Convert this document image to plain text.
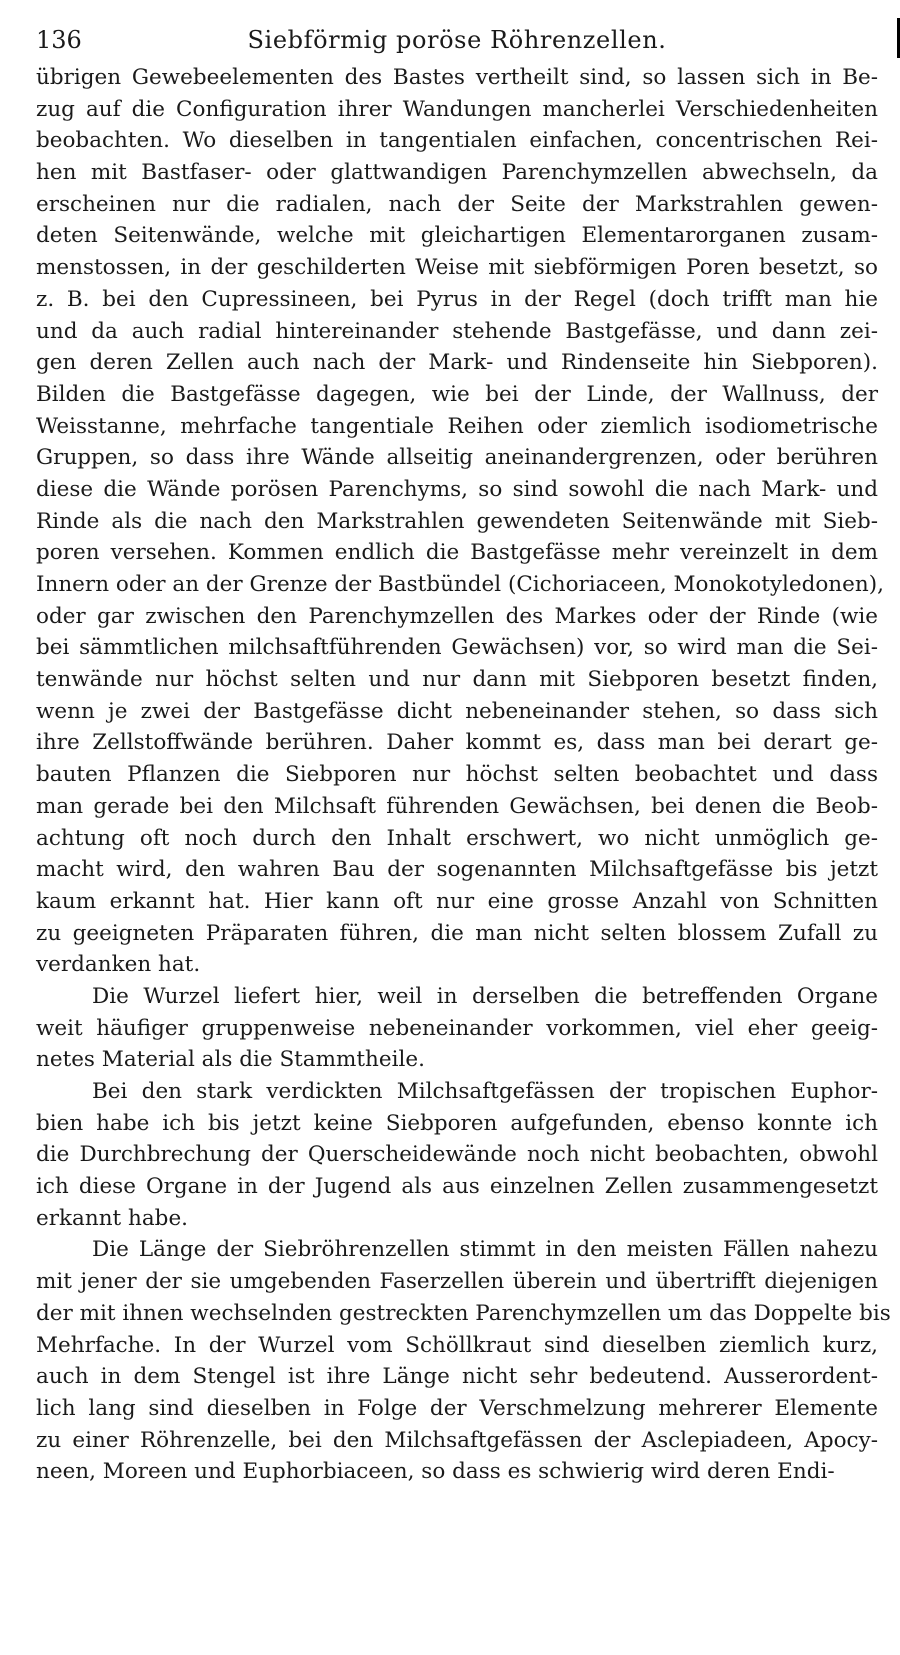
136	Siebförmig poröse Röhrenzellen.
übrigen Gewebeelementen des Bastes vertheilt sind, so lassen sich in Be-
zug auf die Configuration ihrer Wandungen mancherlei Verschiedenheiten
beobachten. Wo dieselben in tangentialen einfachen, concentrischen Rei-
hen mit Bastfaser- oder glattwandigen Parenchymzellen abwechseln, da
erscheinen nur die radialen, nach der Seite der Markstrahlen gewen-
deten Seitenwände, welche mit gleichartigen Elementarorganen zusam-
menstossen, in der geschilderten Weise mit siebförmigen Poren besetzt, so
z. B. bei den Cupressineen, bei Pyrus in der Regel (doch trifft man hie
und da auch radial hintereinander stehende Bastgefässe, und dann zei-
gen deren Zellen auch nach der Mark- und Rindenseite hin Siebporen).
Bilden die Bastgefässe dagegen, wie bei der Linde, der Wallnuss, der
Weisstanne, mehrfache tangentiale Reihen oder ziemlich isodiometrische
Gruppen, so dass ihre Wände allseitig aneinandergrenzen, oder berühren
diese die Wände porösen Parenchyms, so sind sowohl die nach Mark- und
Rinde als die nach den Markstrahlen gewendeten Seitenwände mit Sieb-
poren versehen. Kommen endlich die Bastgefässe mehr vereinzelt in dem
Innern oder an der Grenze der Bastbündel (Cichoriaceen, Monokotyledonen),
oder gar zwischen den Parenchymzellen des Markes oder der Rinde (wie
bei sämmtlichen milchsaftführenden Gewächsen) vor, so wird man die Sei-
tenwände nur höchst selten und nur dann mit Siebporen besetzt finden,
wenn je zwei der Bastgefässe dicht nebeneinander stehen, so dass sich
ihre Zellstoffwände berühren. Daher kommt es, dass man bei derart ge-
bauten Pflanzen die Siebporen nur höchst selten beobachtet und dass
man gerade bei den Milchsaft führenden Gewächsen, bei denen die Beob-
achtung oft noch durch den Inhalt erschwert, wo nicht unmöglich ge-
macht wird, den wahren Bau der sogenannten Milchsaftgefässe bis jetzt
kaum erkannt hat. Hier kann oft nur eine grosse Anzahl von Schnitten
zu geeigneten Präparaten führen, die man nicht selten blossem Zufall zu
verdanken hat.
Die Wurzel liefert hier, weil in derselben die betreffenden Organe
weit häufiger gruppenweise nebeneinander vorkommen, viel eher geeig-
netes Material als die Stammtheile.
Bei den stark verdickten Milchsaftgefässen der tropischen Euphor-
bien habe ich bis jetzt keine Siebporen aufgefunden, ebenso konnte ich
die Durchbrechung der Querscheidewände noch nicht beobachten, obwohl
ich diese Organe in der Jugend als aus einzelnen Zellen zusammengesetzt
erkannt habe.
Die Länge der Siebröhrenzellen stimmt in den meisten Fällen nahezu
mit jener der sie umgebenden Faserzellen überein und übertrifft diejenigen
der mit ihnen wechselnden gestreckten Parenchymzellen um das Doppelte bis
Mehrfache. In der Wurzel vom Schöllkraut sind dieselben ziemlich kurz,
auch in dem Stengel ist ihre Länge nicht sehr bedeutend. Ausserordent-
lich lang sind dieselben in Folge der Verschmelzung mehrerer Elemente
zu einer Röhrenzelle, bei den Milchsaftgefässen der Asclepiadeen, Apocy-
neen, Moreen und Euphorbiaceen, so dass es schwierig wird deren Endi-
